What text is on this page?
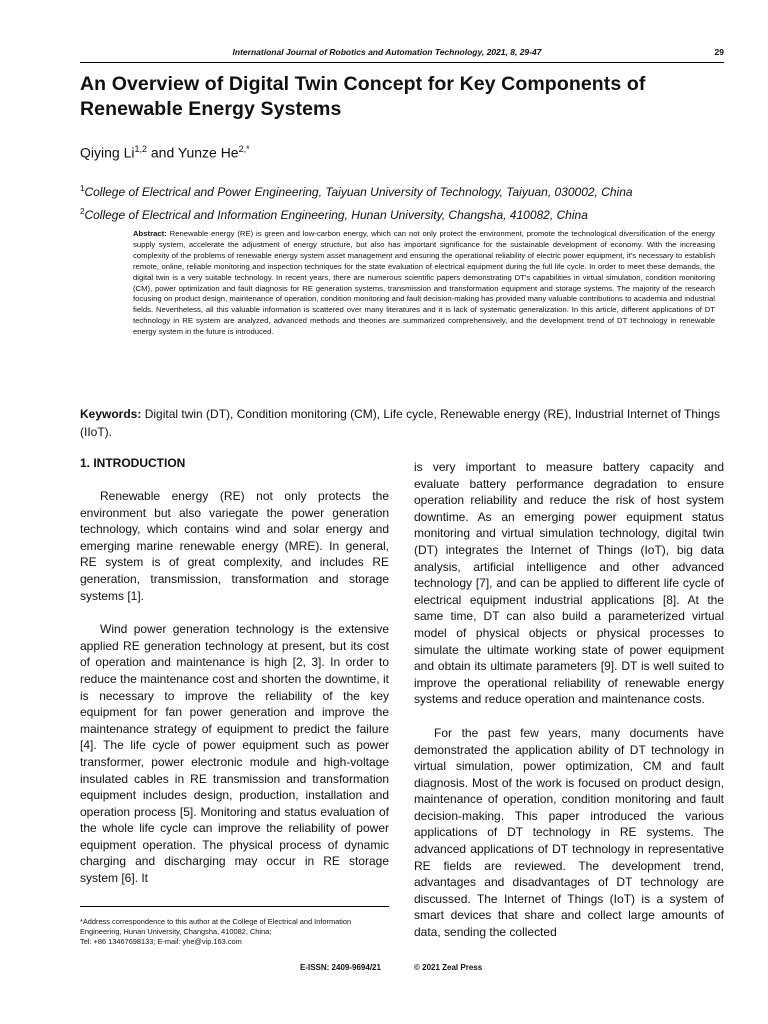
International Journal of Robotics and Automation Technology, 2021, 8, 29-47	29
An Overview of Digital Twin Concept for Key Components of Renewable Energy Systems
Qiying Li$^{1,2}$ and Yunze $He^{2,*}$
$^1$College of Electrical and Power Engineering, Taiyuan University of Technology, Taiyuan, 030002, China
$^2$College of Electrical and Information Engineering, Hunan University, Changsha, 410082, China

Abstract: Renewable energy (RE) is green and low-carbon energy, which can not only protect the environment, promote the technological diversification of the energy supply system, accelerate the adjustment of energy structure, but also has important significance for the sustainable development of economy. With the increasing complexity of the problems of renewable energy system asset management and ensuring the operational reliability of electric power equipment, it's necessary to establish remote, online, reliable monitoring and inspection techniques for the state evaluation of electrical equipment during the full life cycle. In order to meet these demands, the digital twin is a very suitable technology. In recent years, there are numerous scientific papers demonstrating DT's capabilities in virtual simulation, condition monitoring (CM), power optimization and fault diagnosis for RE generation systems, transmission and transformation equipment and storage systems. The majority of the research focusing on product design, maintenance of operation, condition monitoring and fault decision-making has provided many valuable contributions to academia and industrial fields. Nevertheless, all this valuable information is scattered over many literatures and it is lack of systematic generalization. In this article, different applications of DT technology in RE system are analyzed, advanced methods and theories are summarized comprehensively, and the development trend of DT technology in renewable energy system in the future is introduced.

Keywords: Digital twin (DT), Condition monitoring (CM), Life cycle, Renewable energy (RE), Industrial Internet of Things (IIoT).

1. INTRODUCTION

Renewable energy (RE) not only protects the environment but also variegate the power generation technology, which contains wind and solar energy and emerging marine renewable energy (MRE). In general, RE system is of great complexity, and includes RE generation, transmission, transformation and storage systems [1].

Wind power generation technology is the extensive applied RE generation technology at present, but its cost of operation and maintenance is high [2, 3]. In order to reduce the maintenance cost and shorten the downtime, it is necessary to improve the reliability of the key equipment for fan power generation and improve the maintenance strategy of equipment to predict the failure [4]. The life cycle of power equipment such as power transformer, power electronic module and high-voltage insulated cables in RE transmission and transformation equipment includes design, production, installation and operation process [5]. Monitoring and status evaluation of the whole life cycle can improve the reliability of power equipment operation. The physical process of dynamic charging and discharging may occur in RE storage system [6]. It

is very important to measure battery capacity and evaluate battery performance degradation to ensure operation reliability and reduce the risk of host system downtime. As an emerging power equipment status monitoring and virtual simulation technology, digital twin (DT) integrates the Internet of Things (IoT), big data analysis, artificial intelligence and other advanced technology [7], and can be applied to different life cycle of electrical equipment industrial applications [8]. At the same time, DT can also build a parameterized virtual model of physical objects or physical processes to simulate the ultimate working state of power equipment and obtain its ultimate parameters [9]. DT is well suited to improve the operational reliability of renewable energy systems and reduce operation and maintenance costs.

For the past few years, many documents have demonstrated the application ability of DT technology in virtual simulation, power optimization, CM and fault diagnosis. Most of the work is focused on product design, maintenance of operation, condition monitoring and fault decision-making. This paper introduced the various applications of DT technology in RE systems. The advanced applications of DT technology in representative RE fields are reviewed. The development trend, advantages and disadvantages of DT technology are discussed. The Internet of Things (IoT) is a system of smart devices that share and collect large amounts of data, sending the collected

*Address correspondence to this author at the College of Electrical and Information Engineering, Hunan University, Changsha, 410082, China;

Tel: +86 13467698133; E-mail: yhe@vip.163.com

E-ISSN: 2409-9694/21	© 2021 Zeal Press
